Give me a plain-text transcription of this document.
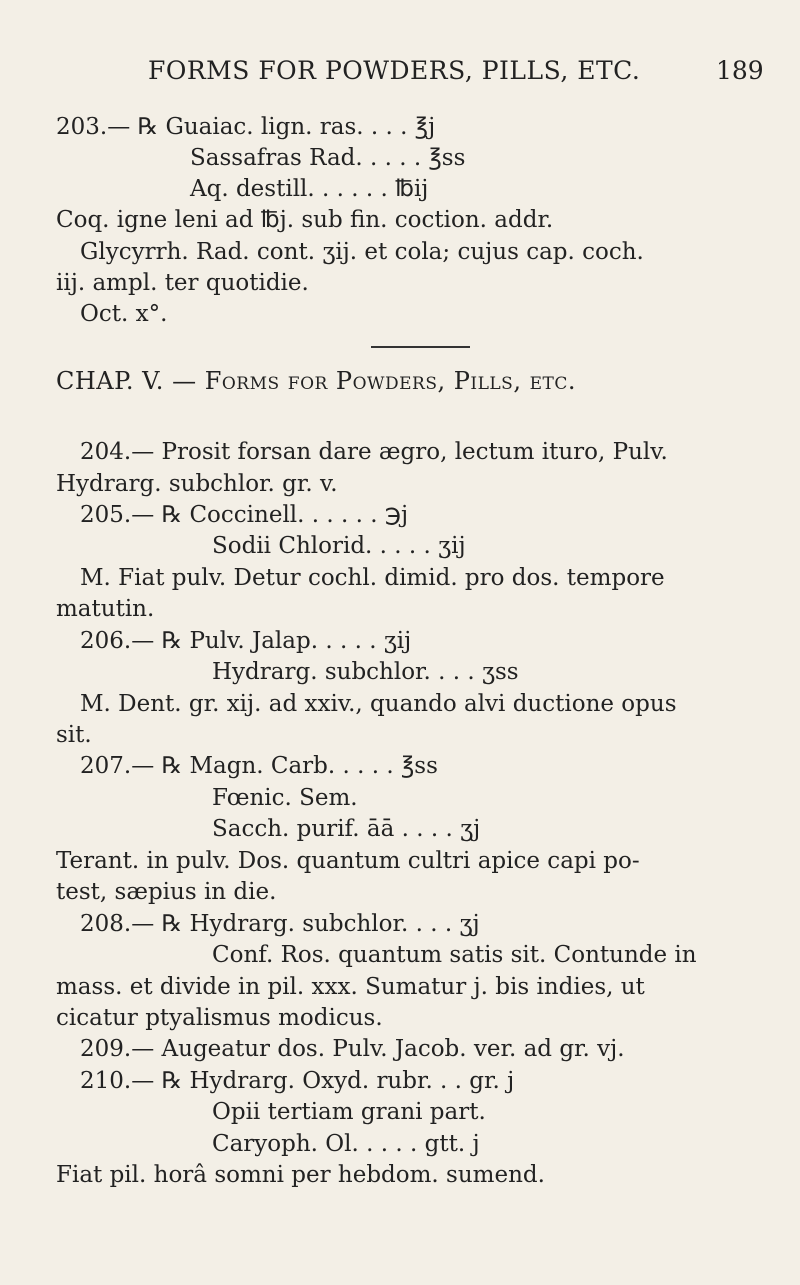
FORMS FOR POWDERS, PILLS, ETC.	189
203.— ℞ Guaiac. lign. ras. . . . ℥j
Sassafras Rad. . . . . ℥ss
Aq. destill. . . . . . ℔ij
Coq. igne leni ad ℔j. sub fin. coction. addr.
Glycyrrh. Rad. cont. ʒij. et cola; cujus cap. coch.
iij. ampl. ter quotidie.
Oct. x°.
CHAP. V. — Forms for Powders, Pills, etc.
204.— Prosit forsan dare ægro, lectum ituro, Pulv.
Hydrarg. subchlor. gr. v.
205.— ℞ Coccinell. . . . . . ℈j
Sodii Chlorid. . . . . ʒij
M. Fiat pulv. Detur cochl. dimid. pro dos. tempore
matutin.
206.— ℞ Pulv. Jalap. . . . . ʒij
Hydrarg. subchlor. . . . ʒss
M. Dent. gr. xij. ad xxiv., quando alvi ductione opus
sit.
207.— ℞ Magn. Carb. . . . . ℥ss
Fœnic. Sem.
Sacch. purif. āā . . . . ʒj
Terant. in pulv. Dos. quantum cultri apice capi po-
test, sæpius in die.
208.— ℞ Hydrarg. subchlor. . . . ʒj
Conf. Ros. quantum satis sit. Contunde in
mass. et divide in pil. xxx. Sumatur j. bis indies, ut
cicatur ptyalismus modicus.
209.— Augeatur dos. Pulv. Jacob. ver. ad gr. vj.
210.— ℞ Hydrarg. Oxyd. rubr. . . gr. j
Opii tertiam grani part.
Caryoph. Ol. . . . . gtt. j
Fiat pil. horâ somni per hebdom. sumend.
